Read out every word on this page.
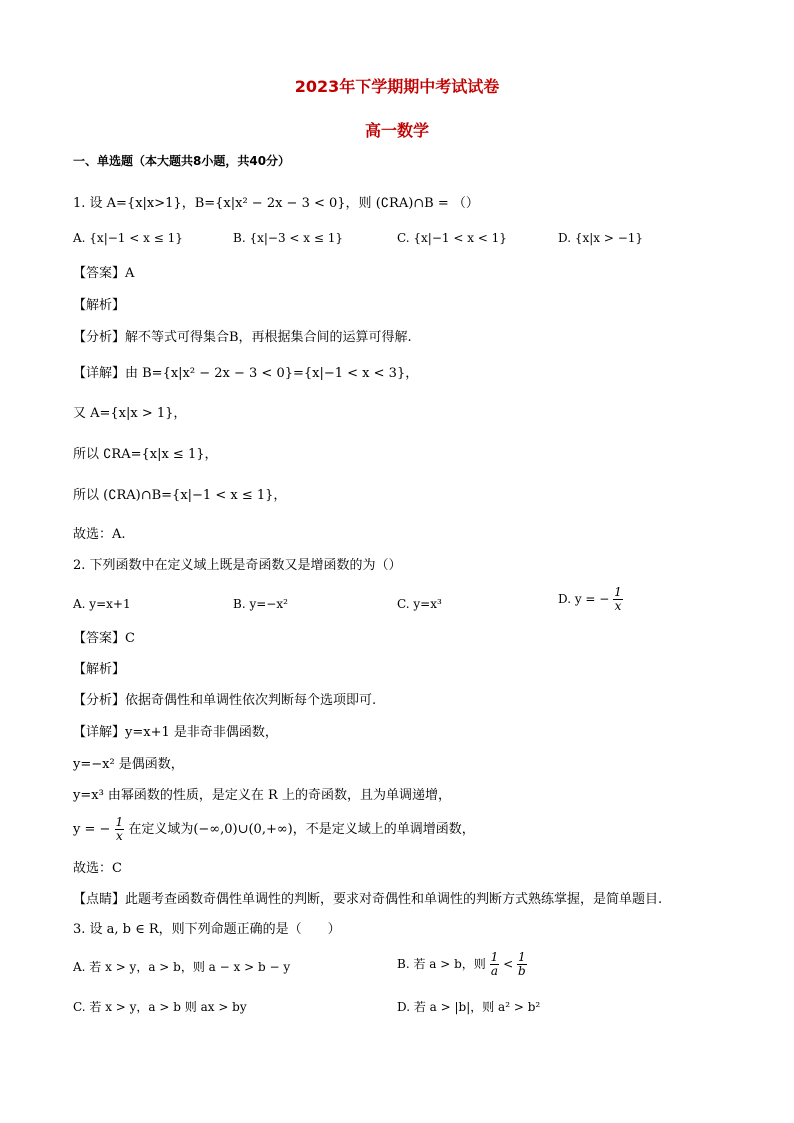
2023年下学期期中考试试卷
高一数学
一、单选题（本大题共8小题，共40分）
1. 设 A={x|x>1}，B={x|x² − 2x − 3 < 0}，则 (∁RA)∩B = （）
A. {x|−1 < x ≤ 1}	B. {x|−3 < x ≤ 1}	C. {x|−1 < x < 1}	D. {x|x > −1}
【答案】A
【解析】
【分析】解不等式可得集合B，再根据集合间的运算可得解.
【详解】由 B={x|x² − 2x − 3 < 0}={x|−1 < x < 3}，
又 A={x|x > 1}，
所以 ∁RA={x|x ≤ 1}，
所以 (∁RA)∩B={x|−1 < x ≤ 1}，
故选：A.
2. 下列函数中在定义域上既是奇函数又是增函数的为（）
A. y=x+1	B. y=−x²	C. y=x³	D. y = − $\frac{1}{x}$
【答案】C
【解析】
【分析】依据奇偶性和单调性依次判断每个选项即可.
【详解】y=x+1 是非奇非偶函数，
y=−x² 是偶函数，
y=x³ 由幂函数的性质，是定义在 R 上的奇函数，且为单调递增，
y = − $\frac{1}{x}$ 在定义域为(−∞,0)∪(0,+∞)，不是定义域上的单调增函数，
故选：C
【点睛】此题考查函数奇偶性单调性的判断，要求对奇偶性和单调性的判断方式熟练掌握，是简单题目.
3. 设 a, b ∈ R，则下列命题正确的是（　　）
A. 若 x > y，a > b，则 a − x > b − y	B. 若 a > b，则 $\frac{1}{a} < \frac{1}{b}$
C. 若 x > y，a > b 则 ax > by	D. 若 a > |b|，则 a² > b²
